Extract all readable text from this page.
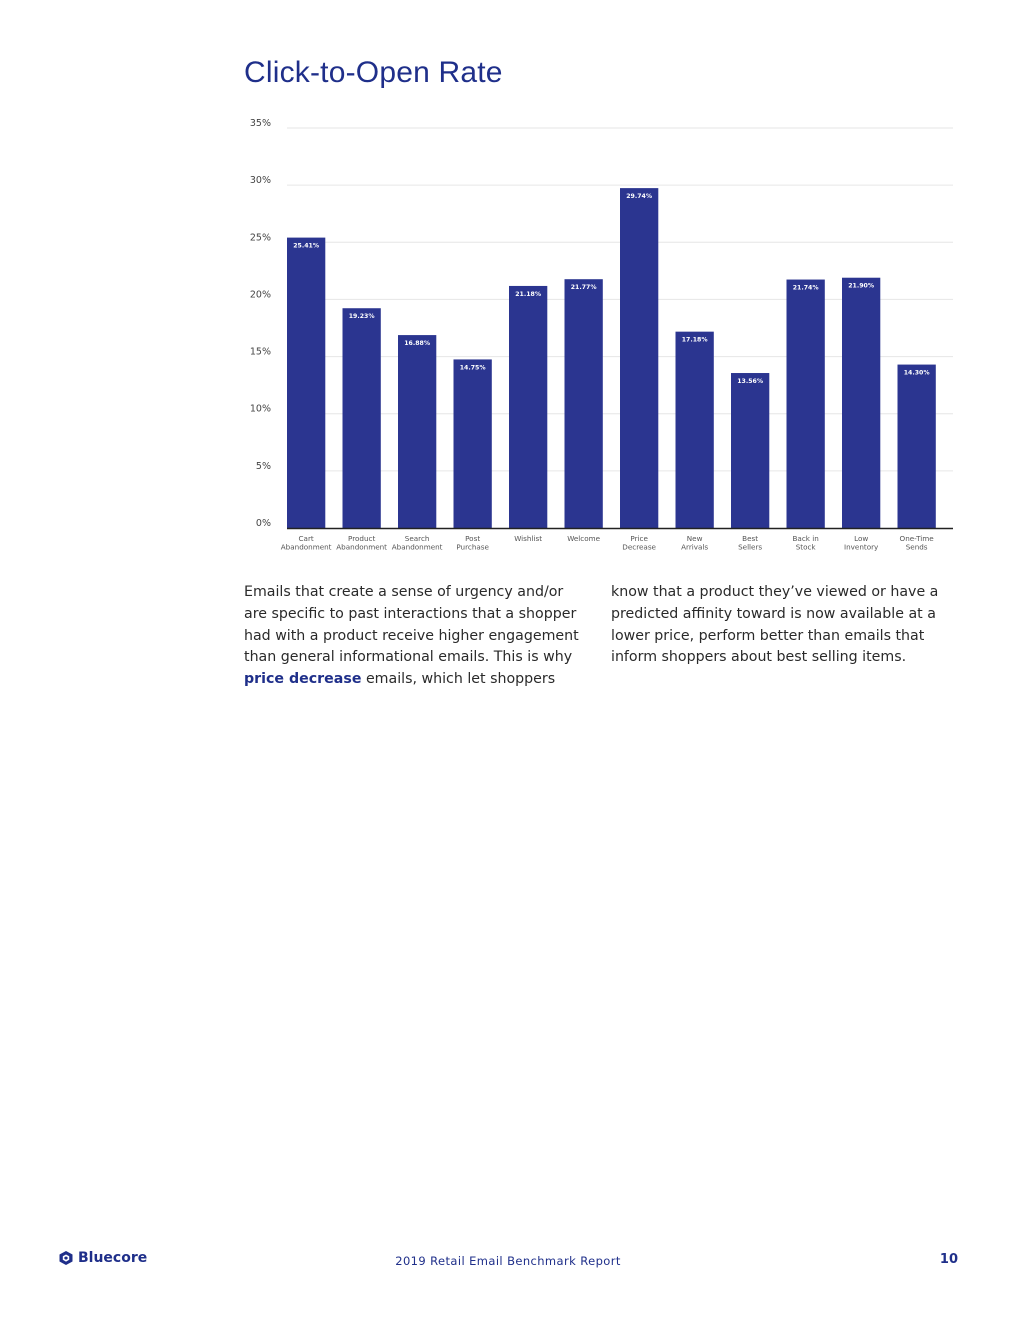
Click-to-Open Rate
0%
5%
10%
15%
20%
25%
30%
35%
25.41%
Cart
Abandonment
19.23%
Product
Abandonment
16.88%
Search
Abandonment
14.75%
Post
Purchase
21.18%
Wishlist
21.77%
Welcome
29.74%
Price
Decrease
17.18%
New
Arrivals
13.56%
Best
Sellers
21.74%
Back in
Stock
21.90%
Low
Inventory
14.30%
One-Time
Sends

Emails that create a sense of urgency and/or are specific to past interactions that a shopper had with a product receive higher engagement than general informational emails. This is why price decrease emails, which let shoppers know that a product they’ve viewed or have a predicted affinity toward is now available at a lower price, perform better than emails that inform shoppers about best selling items.

Bluecore	2019 Retail Email Benchmark Report	10
